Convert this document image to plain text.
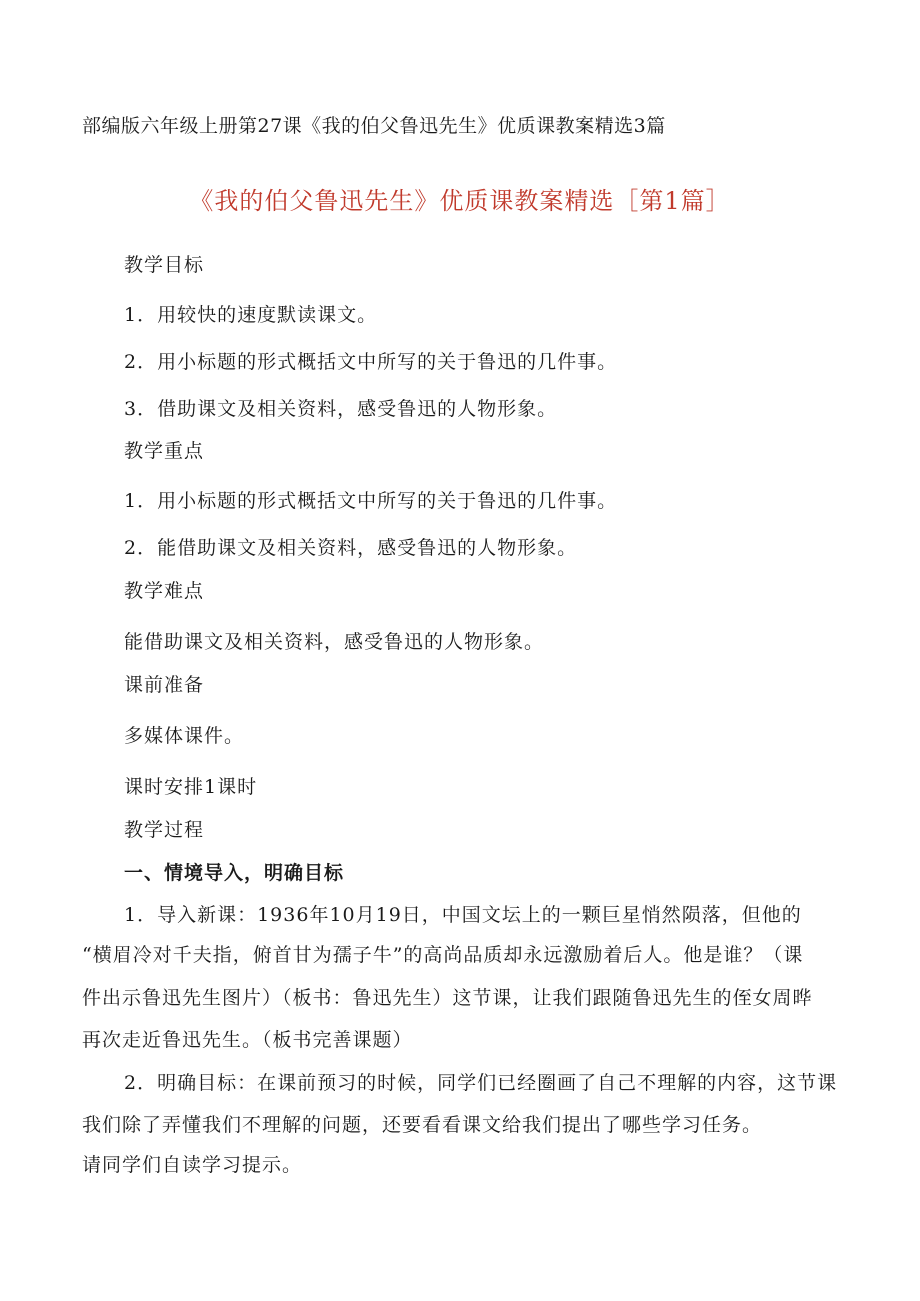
部编版六年级上册第27课《我的伯父鲁迅先生》优质课教案精选3篇
《我的伯父鲁迅先生》优质课教案精选［第1篇］
教学目标
1．用较快的速度默读课文。
2．用小标题的形式概括文中所写的关于鲁迅的几件事。
3．借助课文及相关资料，感受鲁迅的人物形象。
教学重点
1．用小标题的形式概括文中所写的关于鲁迅的几件事。
2．能借助课文及相关资料，感受鲁迅的人物形象。
教学难点
能借助课文及相关资料，感受鲁迅的人物形象。
课前准备
多媒体课件。
课时安排1课时
教学过程
一、情境导入，明确目标
1．导入新课：1936年10月19日，中国文坛上的一颗巨星悄然陨落，但他的
“横眉冷对千夫指，俯首甘为孺子牛”的高尚品质却永远激励着后人。他是谁？（课
件出示鲁迅先生图片）（板书：鲁迅先生）这节课，让我们跟随鲁迅先生的侄女周晔
再次走近鲁迅先生。（板书完善课题）
2．明确目标：在课前预习的时候，同学们已经圈画了自己不理解的内容，这节课
我们除了弄懂我们不理解的问题，还要看看课文给我们提出了哪些学习任务。
请同学们自读学习提示。
